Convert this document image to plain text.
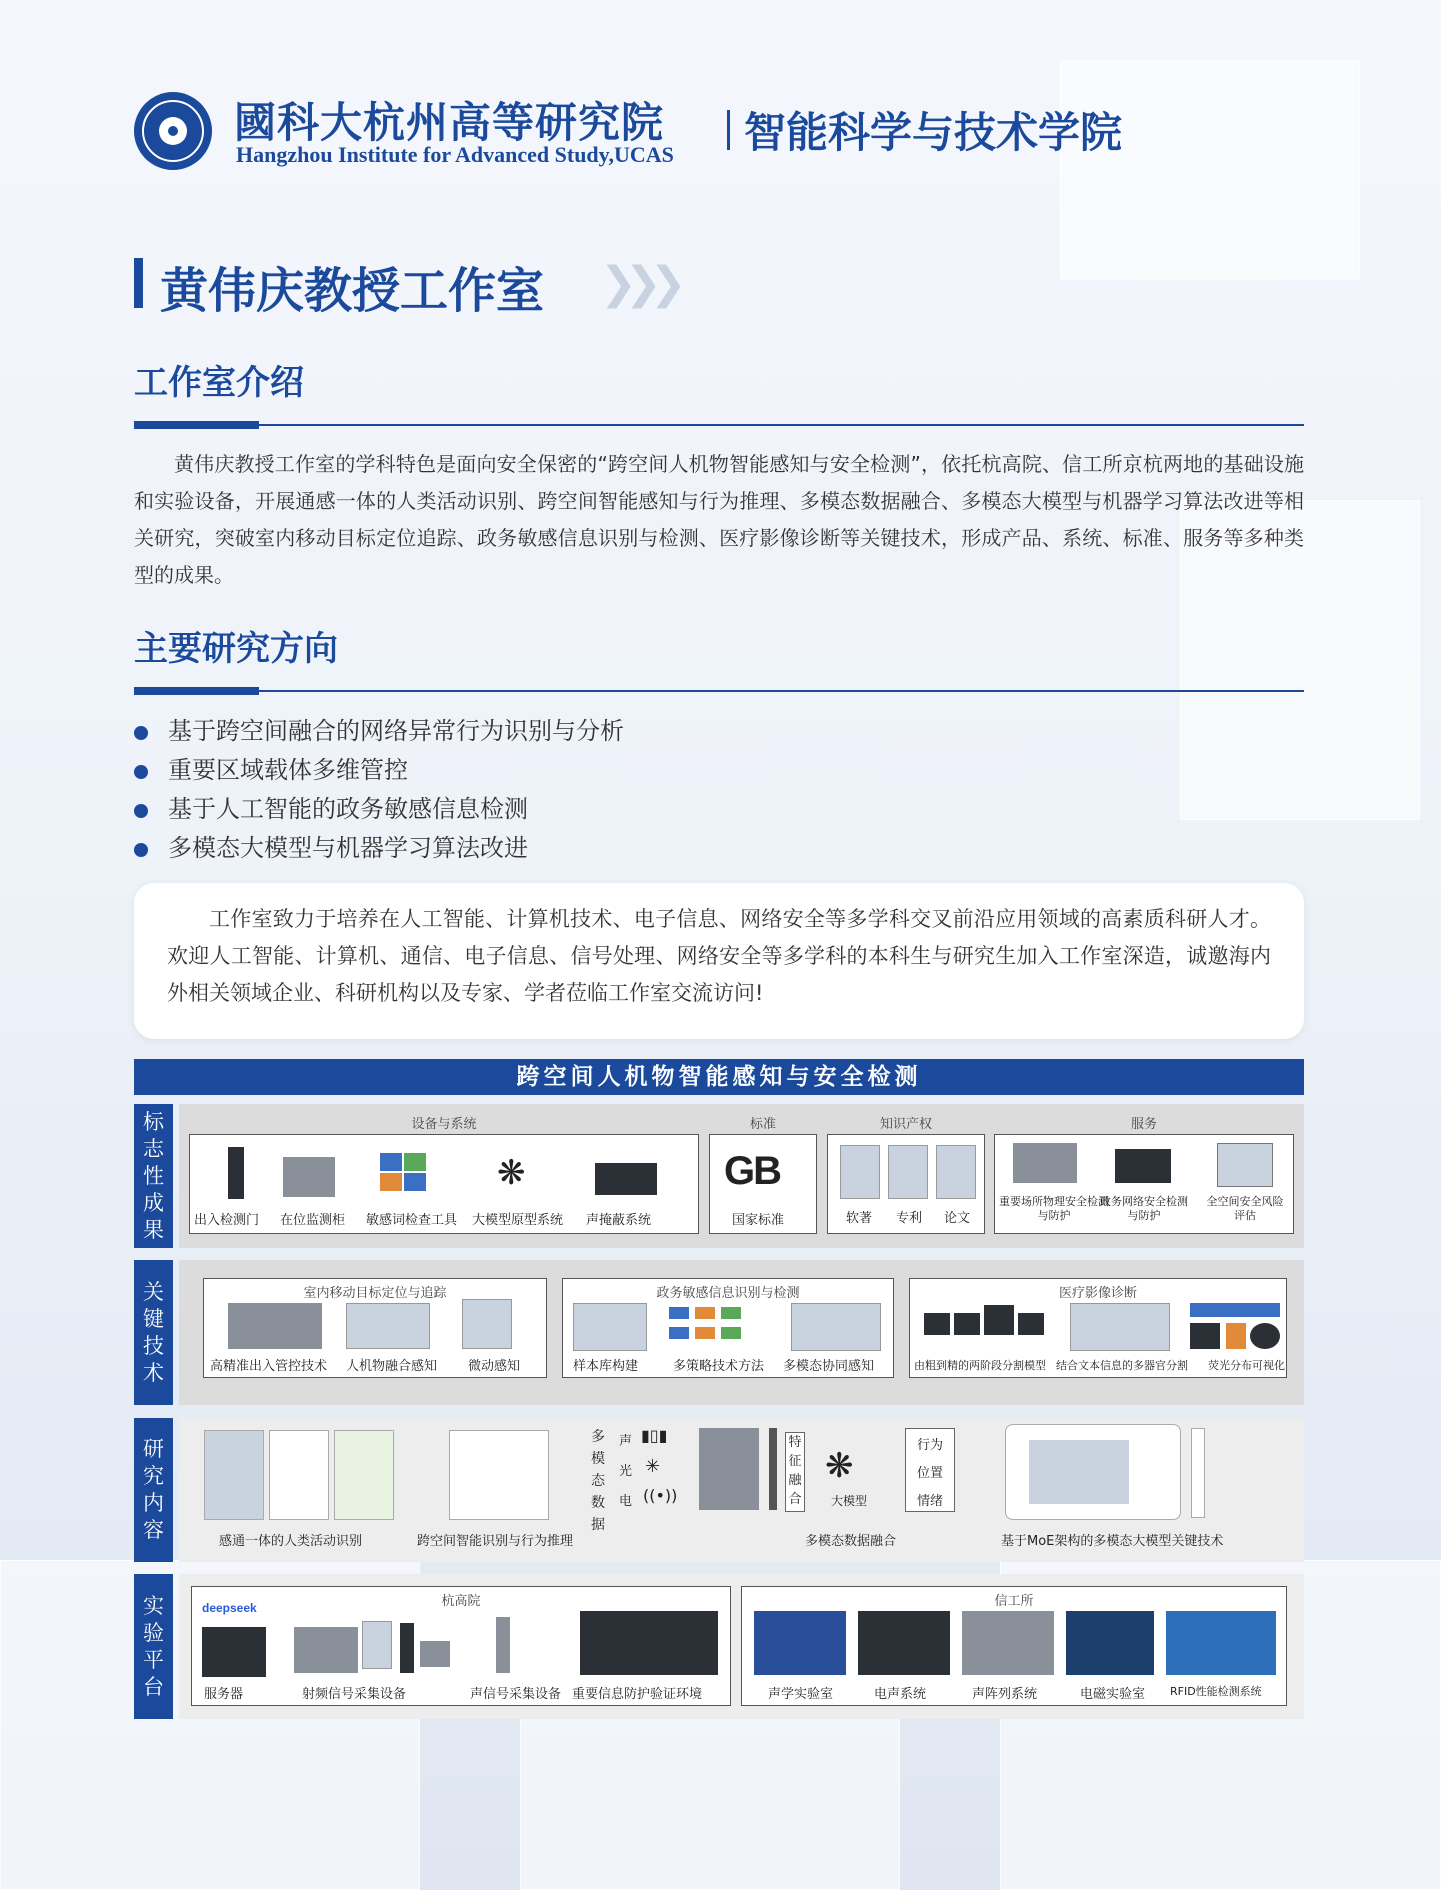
國科大杭州高等研究院
Hangzhou Institute for Advanced Study,UCAS 智能科学与技术学院
黄伟庆教授工作室 ❯❯❯
工作室介绍

黄伟庆教授工作室的学科特色是面向安全保密的“跨空间人机物智能感知与安全检测”，依托杭高院、信工所京杭两地的基础设施和实验设备，开展通感一体的人类活动识别、跨空间智能感知与行为推理、多模态数据融合、多模态大模型与机器学习算法改进等相关研究，突破室内移动目标定位追踪、政务敏感信息识别与检测、医疗影像诊断等关键技术，形成产品、系统、标准、服务等多种类型的成果。

主要研究方向
基于跨空间融合的网络异常行为识别与分析
重要区域载体多维管控
基于人工智能的政务敏感信息检测
多模态大模型与机器学习算法改进

工作室致力于培养在人工智能、计算机技术、电子信息、网络安全等多学科交叉前沿应用领域的高素质科研人才。欢迎人工智能、计算机、通信、电子信息、信号处理、网络安全等多学科的本科生与研究生加入工作室深造，诚邀海内外相关领域企业、科研机构以及专家、学者莅临工作室交流访问!

跨空间人机物智能感知与安全检测
标
志
性
成
果
设备与系统
❋
出入检测门 在位监测柜 敏感词检查工具 大模型原型系统 声掩蔽系统
标准
GB
国家标准
知识产权
软著 专利 论文
服务
重要场所物理安全检测与防护
政务网络安全检测与防护
全空间安全风险评估
关
键
技
术
室内移动目标定位与追踪
高精准出入管控技术 人机物融合感知 微动感知
政务敏感信息识别与检测
样本库构建	多策略技术方法 多模态协同感知
医疗影像诊断
由粗到精的两阶段分割模型 结合文本信息的多器官分割 荧光分布可视化
研
究
内
容	感通一体的人类活动识别	跨空间智能识别与行为推理
多
模
态
数
据
声
光
电
▮▯▮
✳
((•))
特
征
融
合
❋
大模型
行为
位置
情绪
多模态数据融合	基于MoE架构的多模态大模型关键技术
实
验
平
台
杭高院
deepseek
服务器	射频信号采集设备	声信号采集设备 重要信息防护验证环境
信工所
声学实验室	电声系统	声阵列系统	电磁实验室 RFID性能检测系统
